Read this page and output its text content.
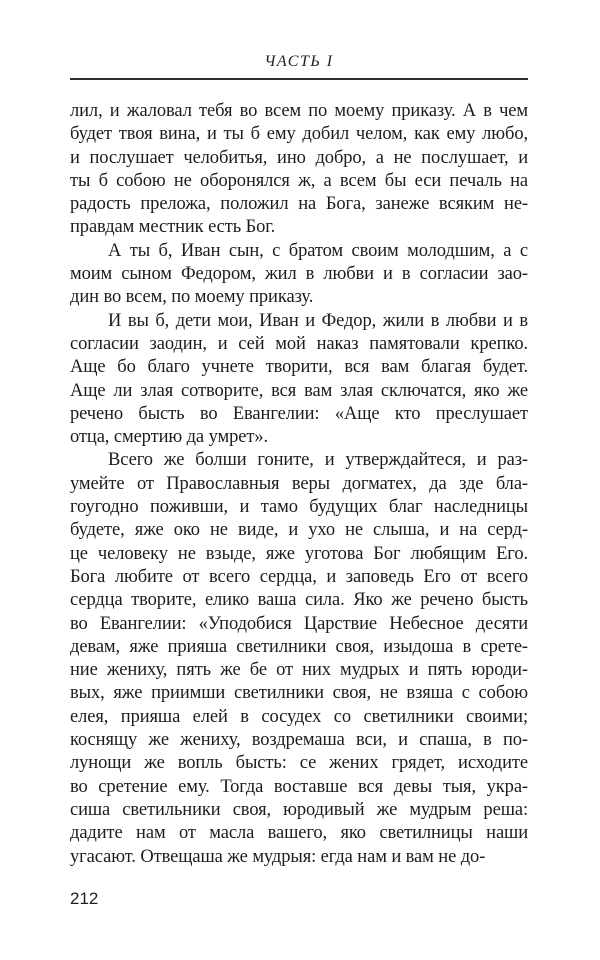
ЧАСТЬ I
лил, и жаловал тебя во всем по моему приказу. А в чем
будет твоя вина, и ты б ему добил челом, как ему любо,
и послушает челобитья, ино добро, а не послушает, и
ты б собою не оборонялся ж, а всем бы еси печаль на
радость преложа, положил на Бога, занеже всяким не-
правдам местник есть Бог.
А ты б, Иван сын, с братом своим молодшим, а с
моим сыном Федором, жил в любви и в согласии зао-
дин во всем, по моему приказу.
И вы б, дети мои, Иван и Федор, жили в любви и в
согласии заодин, и сей мой наказ памятовали крепко.
Аще бо благо учнете творити, вся вам благая будет.
Аще ли злая сотворите, вся вам злая сключатся, яко же
речено бысть во Евангелии: «Аще кто преслушает
отца, смертию да умрет».
Всего же болши гоните, и утверждайтеся, и раз-
умейте от Православныя веры догматех, да зде бла-
гоугодно поживши, и тамо будущих благ наследницы
будете, яже око не виде, и ухо не слыша, и на серд-
це человеку не взыде, яже уготова Бог любящим Его.
Бога любите от всего сердца, и заповедь Его от всего
сердца творите, елико ваша сила. Яко же речено бысть
во Евангелии: «Уподобися Царствие Небесное десяти
девам, яже прияша светилники своя, изыдоша в срете-
ние жениху, пять же бе от них мудрых и пять юроди-
вых, яже приимши светилники своя, не взяша с собою
елея, прияша елей в сосудех со светилники своими;
коснящу же жениху, воздремаша вси, и спаша, в по-
лунощи же вопль бысть: се жених грядет, исходите
во сретение ему. Тогда воставше вся девы тыя, укра-
сиша светильники своя, юродивый же мудрым реша:
дадите нам от масла вашего, яко светилницы наши
угасают. Отвещаша же мудрыя: егда нам и вам не до-
212
